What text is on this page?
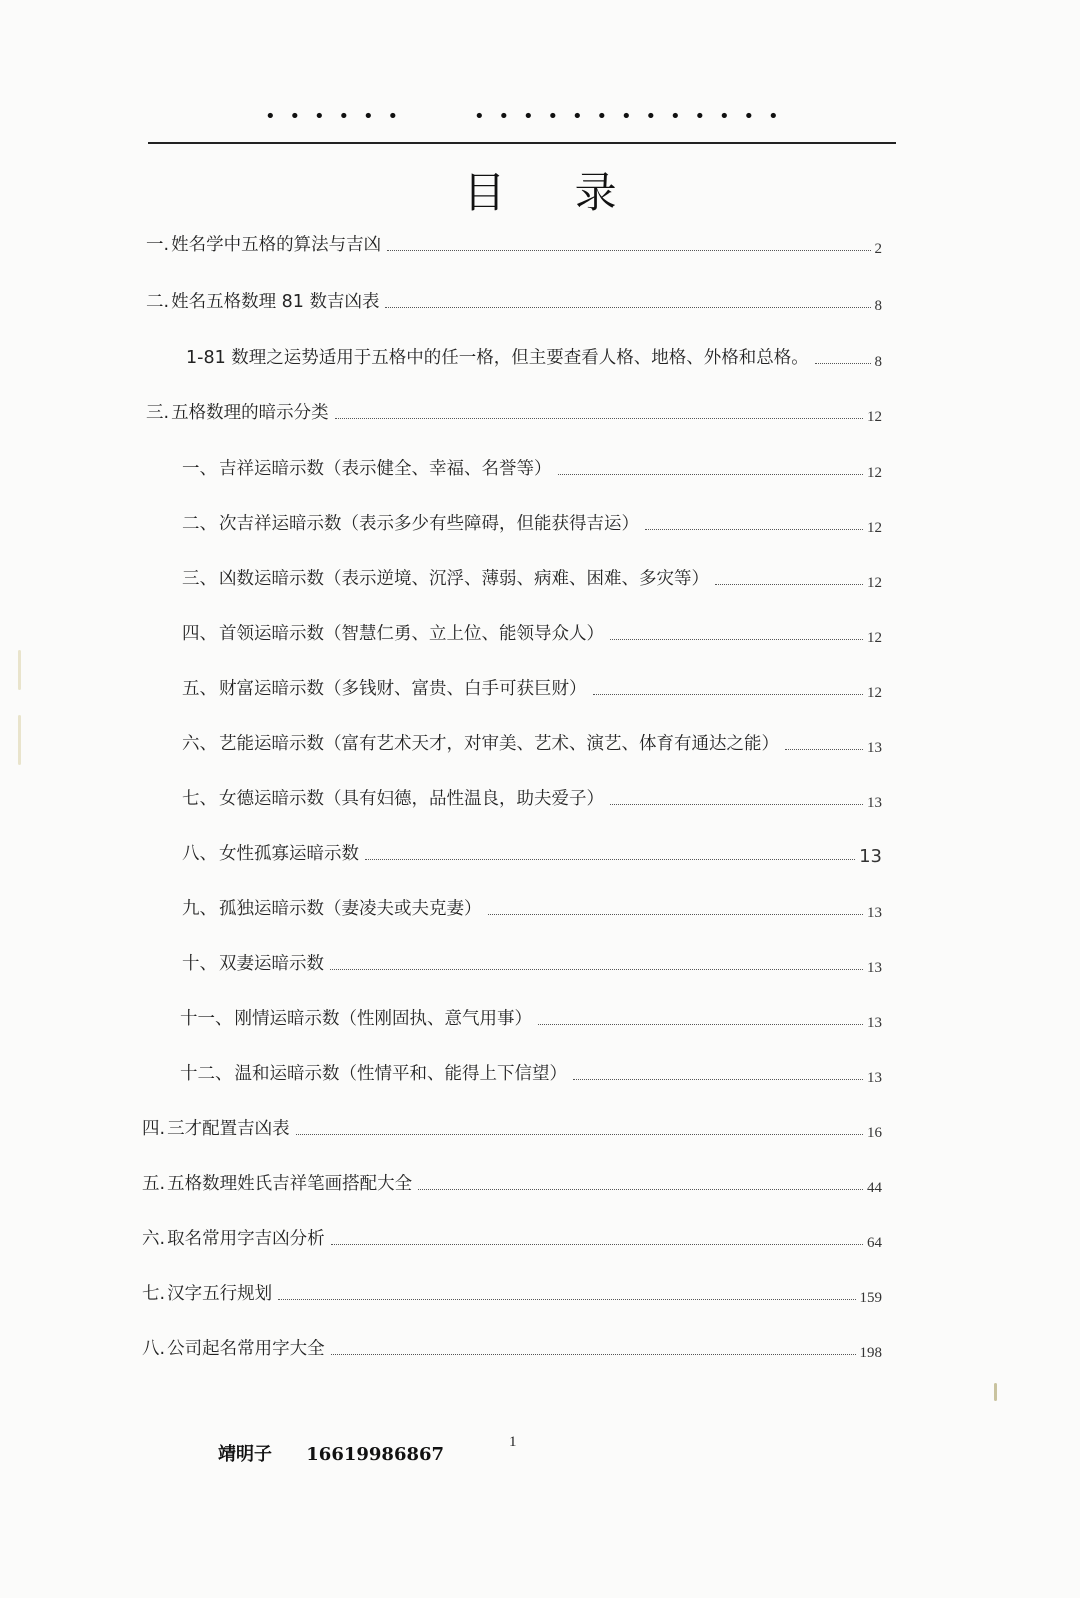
• • • • • •	• • • • • • • • • • • • •
目 录
一. 姓名学中五格的算法与吉凶	2
二. 姓名五格数理 81 数吉凶表	8
1-81 数理之运势适用于五格中的任一格，但主要查看人格、地格、外格和总格。	8
三. 五格数理的暗示分类	12
一、 吉祥运暗示数（表示健全、幸福、名誉等）	12
二、 次吉祥运暗示数（表示多少有些障碍，但能获得吉运）	12
三、 凶数运暗示数（表示逆境、沉浮、薄弱、病难、困难、多灾等）	12
四、 首领运暗示数（智慧仁勇、立上位、能领导众人）	12
五、 财富运暗示数（多钱财、富贵、白手可获巨财）	12
六、 艺能运暗示数（富有艺术天才，对审美、艺术、演艺、体育有通达之能）	13
七、 女德运暗示数（具有妇德，品性温良，助夫爱子）	13
八、 女性孤寡运暗示数	13
九、 孤独运暗示数（妻凌夫或夫克妻）	13
十、 双妻运暗示数	13
十一、 刚情运暗示数（性刚固执、意气用事）	13
十二、 温和运暗示数（性情平和、能得上下信望）	13
四. 三才配置吉凶表	16
五. 五格数理姓氏吉祥笔画搭配大全	44
六. 取名常用字吉凶分析	64
七. 汉字五行规划	159
八. 公司起名常用字大全	198
靖明子 16619986867
1
